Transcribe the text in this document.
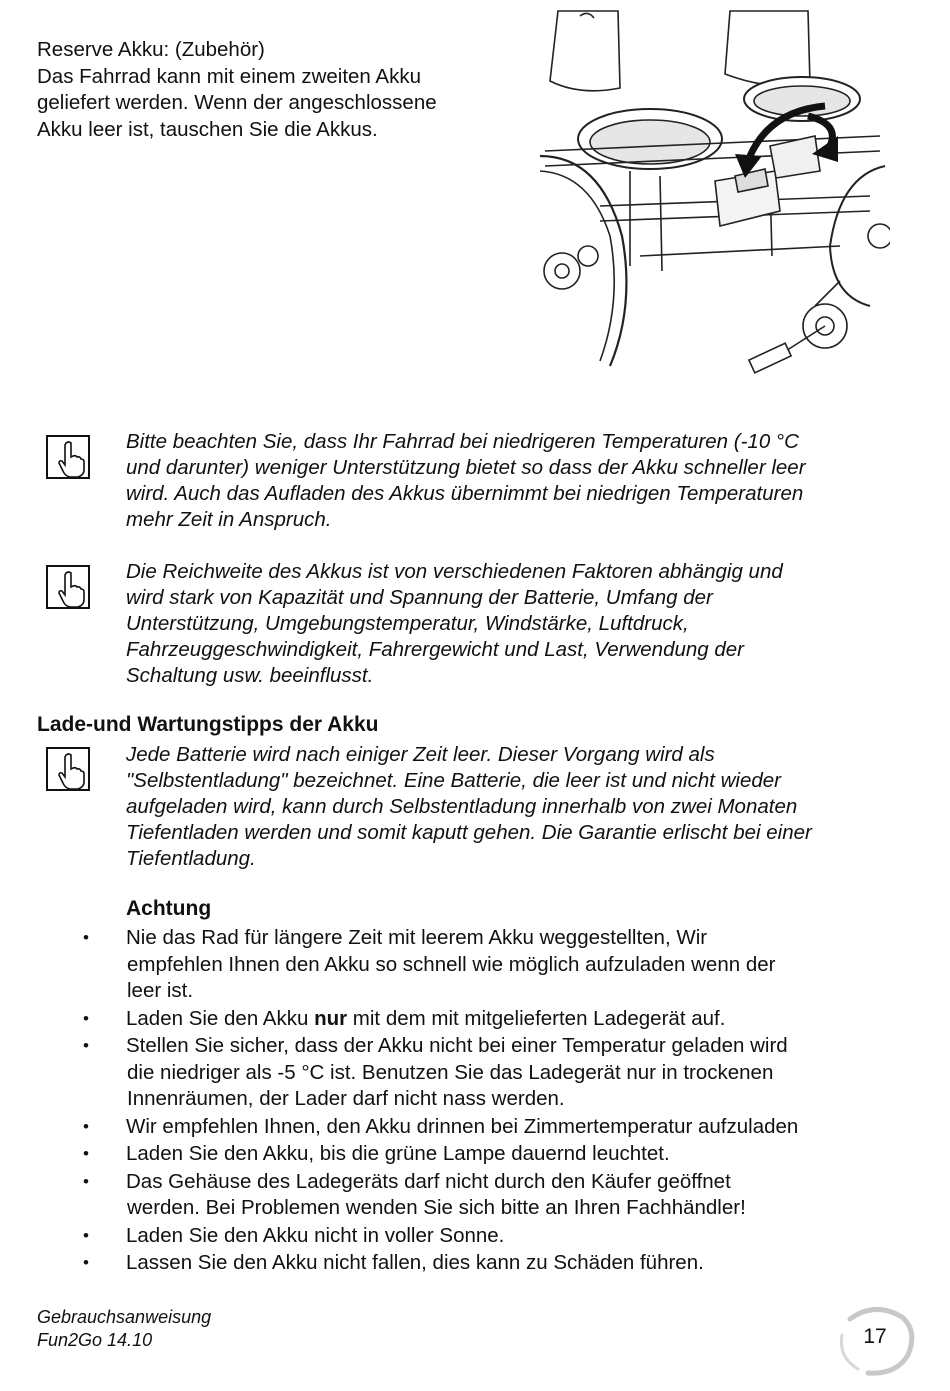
Reserve Akku: (Zubehör)
Das Fahrrad kann mit einem zweiten Akku
geliefert werden. Wenn der angeschlossene
Akku leer ist, tauschen Sie die Akkus.
Bitte beachten Sie, dass Ihr Fahrrad bei niedrigeren Temperaturen (-10 °C
und darunter) weniger Unterstützung bietet so dass der Akku schneller leer
wird. Auch das Aufladen des Akkus übernimmt bei niedrigen Temperaturen
mehr Zeit in Anspruch.
Die Reichweite des Akkus ist von verschiedenen Faktoren abhängig und
wird stark von Kapazität und Spannung der Batterie, Umfang der
Unterstützung, Umgebungstemperatur, Windstärke, Luftdruck,
Fahrzeuggeschwindigkeit, Fahrergewicht und Last, Verwendung der
Schaltung usw. beeinflusst.
Lade-und Wartungstipps der Akku
Jede Batterie wird nach einiger Zeit leer. Dieser Vorgang wird als
"Selbstentladung" bezeichnet. Eine Batterie, die leer ist und nicht wieder
aufgeladen wird, kann durch Selbstentladung innerhalb von zwei Monaten
Tiefentladen werden und somit kaputt gehen. Die Garantie erlischt bei einer
Tiefentladung.
Achtung
• Nie das Rad für längere Zeit mit leerem Akku weggestellten, Wir
empfehlen Ihnen den Akku so schnell wie möglich aufzuladen wenn der
leer ist.
• Laden Sie den Akku nur mit dem mit mitgelieferten Ladegerät auf.
• Stellen Sie sicher, dass der Akku nicht bei einer Temperatur geladen wird
die niedriger als -5 °C ist. Benutzen Sie das Ladegerät nur in trockenen
Innenräumen, der Lader darf nicht nass werden.
• Wir empfehlen Ihnen, den Akku drinnen bei Zimmertemperatur aufzuladen
• Laden Sie den Akku, bis die grüne Lampe dauernd leuchtet.
• Das Gehäuse des Ladegeräts darf nicht durch den Käufer geöffnet
werden. Bei Problemen wenden Sie sich bitte an Ihren Fachhändler!
• Laden Sie den Akku nicht in voller Sonne.
• Lassen Sie den Akku nicht fallen, dies kann zu Schäden führen.
Gebrauchsanweisung
Fun2Go 14.10	17
